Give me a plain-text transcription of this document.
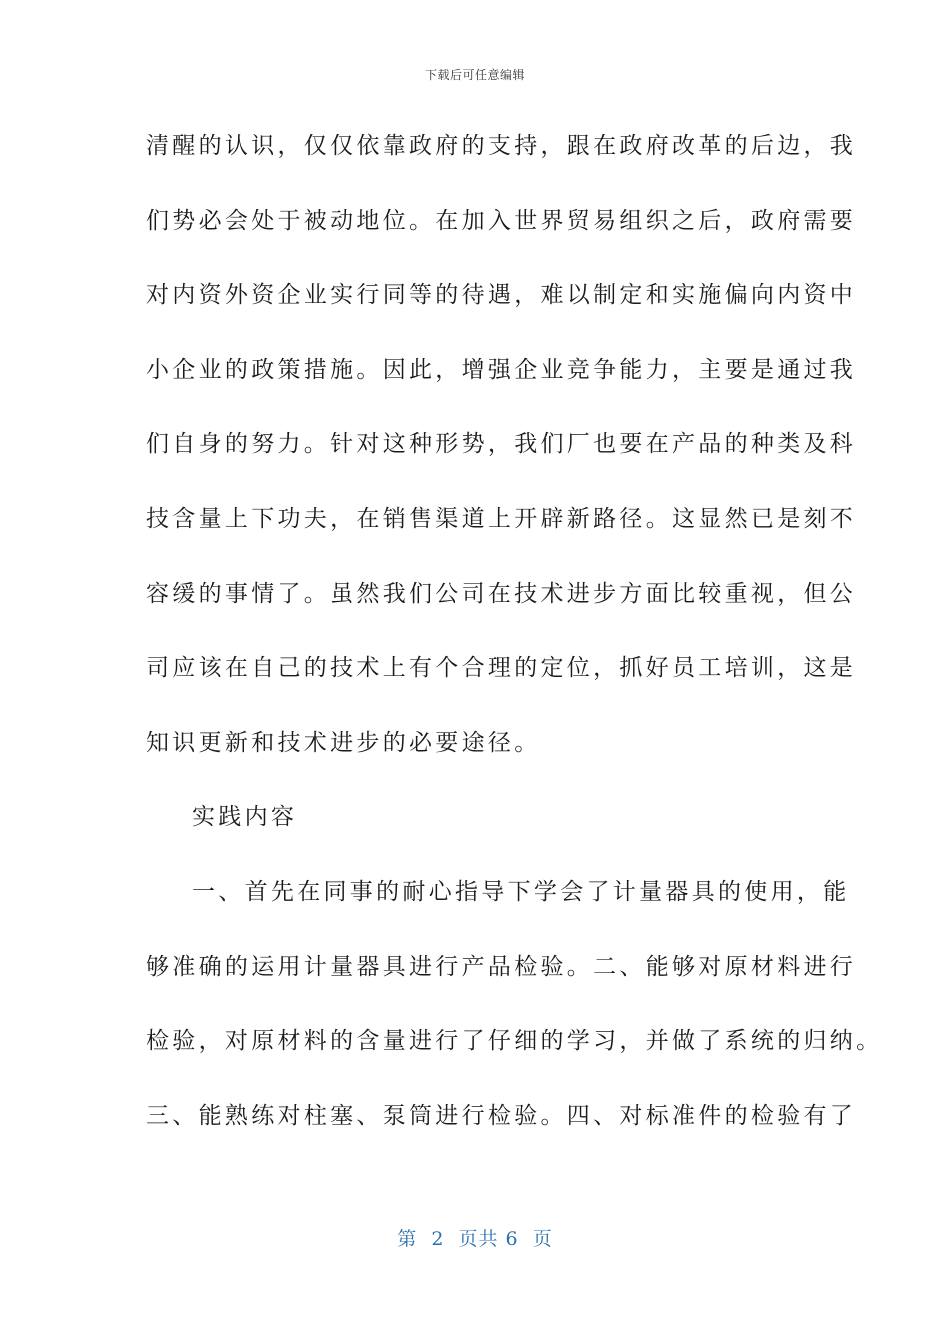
下载后可任意编辑
清醒的认识，仅仅依靠政府的支持，跟在政府改革的后边，我
们势必会处于被动地位。在加入世界贸易组织之后，政府需要
对内资外资企业实行同等的待遇，难以制定和实施偏向内资中
小企业的政策措施。因此，增强企业竞争能力，主要是通过我
们自身的努力。针对这种形势，我们厂也要在产品的种类及科
技含量上下功夫，在销售渠道上开辟新路径。这显然已是刻不
容缓的事情了。虽然我们公司在技术进步方面比较重视，但公
司应该在自己的技术上有个合理的定位，抓好员工培训，这是
知识更新和技术进步的必要途径。
实践内容
一、首先在同事的耐心指导下学会了计量器具的使用，能
够准确的运用计量器具进行产品检验。二、能够对原材料进行
检验，对原材料的含量进行了仔细的学习，并做了系统的归纳。
三、能熟练对柱塞、泵筒进行检验。四、对标准件的检验有了
第  2  页共 6  页
